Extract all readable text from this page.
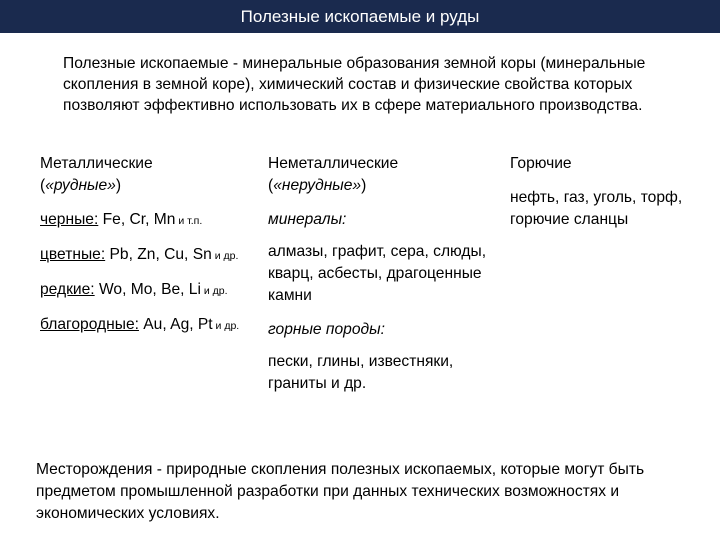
Полезные ископаемые и руды

Полезные ископаемые - минеральные образования земной коры (минеральные скопления в земной коре), химический состав и физические свойства которых позволяют эффективно использовать их в сфере материального производства.

Металлические
(«рудные»)

черные: Fe, Cr, Mn и т.п.

цветные: Pb, Zn, Cu, Sn и др.

редкие: Wo, Mo, Be, Li и др.

благородные: Au, Ag, Pt и др.

Неметаллические
(«нерудные»)

минералы:

алмазы, графит, сера, слюды, кварц, асбесты, драгоценные камни

горные породы:

пески, глины, известняки, граниты и др.

Горючие

нефть, газ, уголь, торф, горючие сланцы

Месторождения - природные скопления полезных ископаемых, которые могут быть предметом промышленной разработки при данных технических возможностях и экономических условиях.
